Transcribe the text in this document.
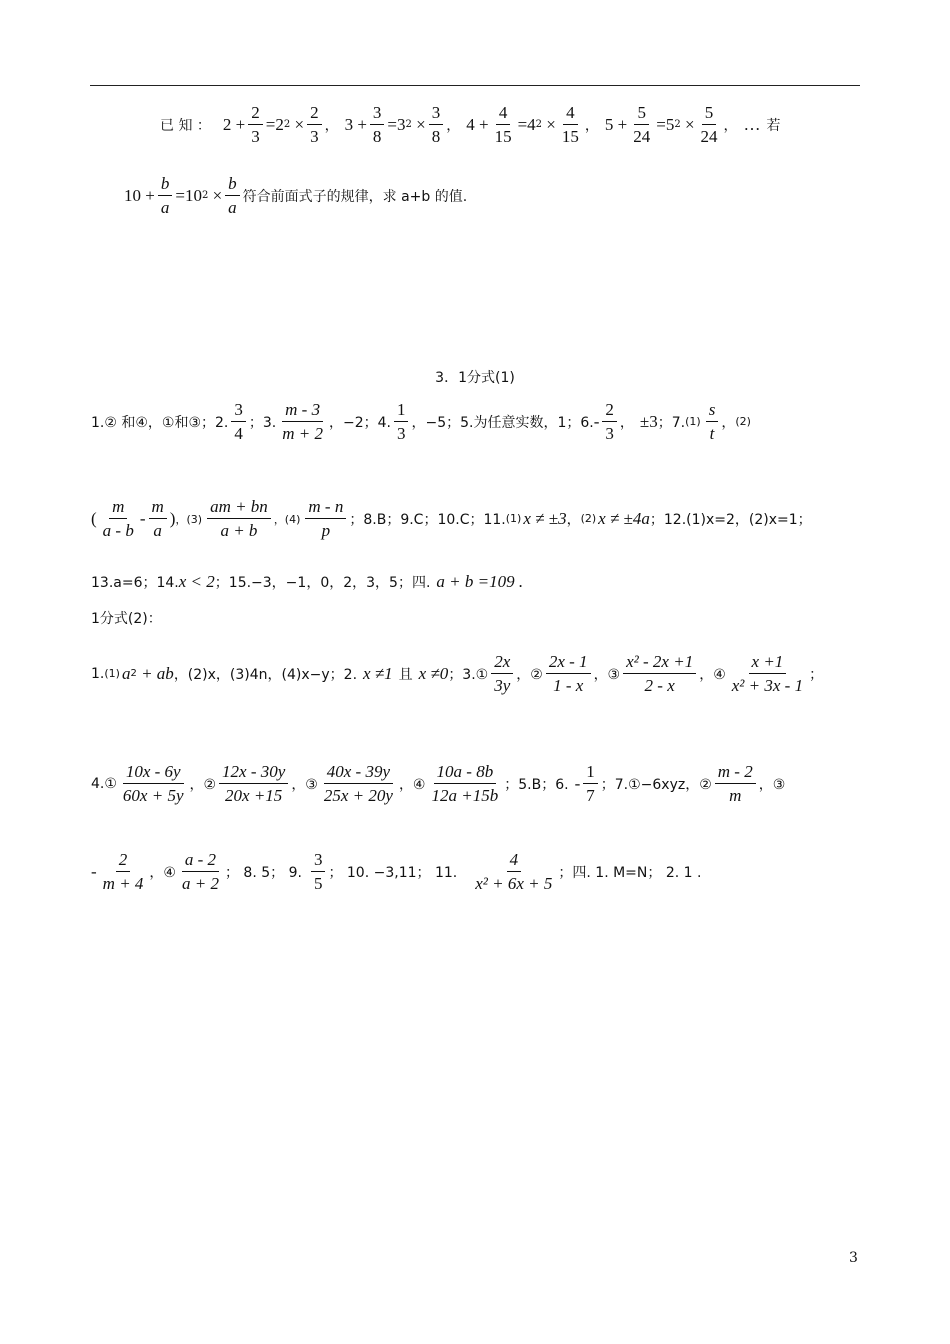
已 知 ： $2 + \frac{2}{3} = 2$ $2 \times \frac{2}{3}$ ， $3 + \frac{3}{8} = 3$ $2 \times \frac{3}{8}$ ， $4 + \frac{4}{15} = 4$ $2 \times \frac{4}{15}$ ， $5 + \frac{5}{24} = 5$ $2 \times \frac{5}{24}$ ， … 若
$10 + \frac{b}{a} = 10$ $2 \times \frac{b}{a}$ 符合前面式子的规律，求 a+b 的值.
3．1分式(1)
1.② 和④，①和③；2. $\frac{3}{4}$ ；3. $\frac{m - 3}{m + 2}$ ，−2；4. $\frac{1}{3}$ ，−5；5.为任意实数，1；6. - $\frac{2}{3}$ ， ±3 ；7. $(1) \frac{s}{t}$ ， (2)
( $\frac{m}{a - b} - \frac{m}{a}$ ) ，$(3) \frac{am + bn}{a + b}$ ，$(4) \frac{m - n}{p}$ ；8.B；9.C；10.C；11. (1) x ≠ ±3 ， (2) x ≠ ±4a ；12.(1)x=2，(2)x=1；
13.a=6；14. x < 2 ；15.−3，−1，0，2，3，5；四. a + b =109 .
1分式(2)：
1. (1) a 2
+ ab ，(2)x，(3)4n，(4)x−y；2. x ≠1 且 x ≠0 ；3.① $\frac{2x}{3y}$ ，② $\frac{2x - 1}{1 - x}$ ，③ $\frac{\text{x² - 2x +1}}{2 - x}$ ，④ $\frac{x +1}{\text{x² + 3x - 1}}$ ；
4.① $\frac{10x - 6y}{60x + 5y}$ ，② $\frac{12x - 30y}{20x +15}$ ，③ $\frac{40x - 39y}{25x + 20y}$ ，④ $\frac{10a - 8b}{12a +15b}$ ；5.B；6. - $\frac{1}{7}$ ；7.①−6xyz，② $\frac{m - 2}{m}$ ，③
- $\frac{2}{m + 4}$ ，④ $\frac{a - 2}{a + 2}$ ； 8. 5； 9. $\frac{3}{5}$ ； 10. −3,11； 11. $\frac{4}{\text{x² + 6x + 5}}$ ；四. 1. M=N； 2. 1 .
3
